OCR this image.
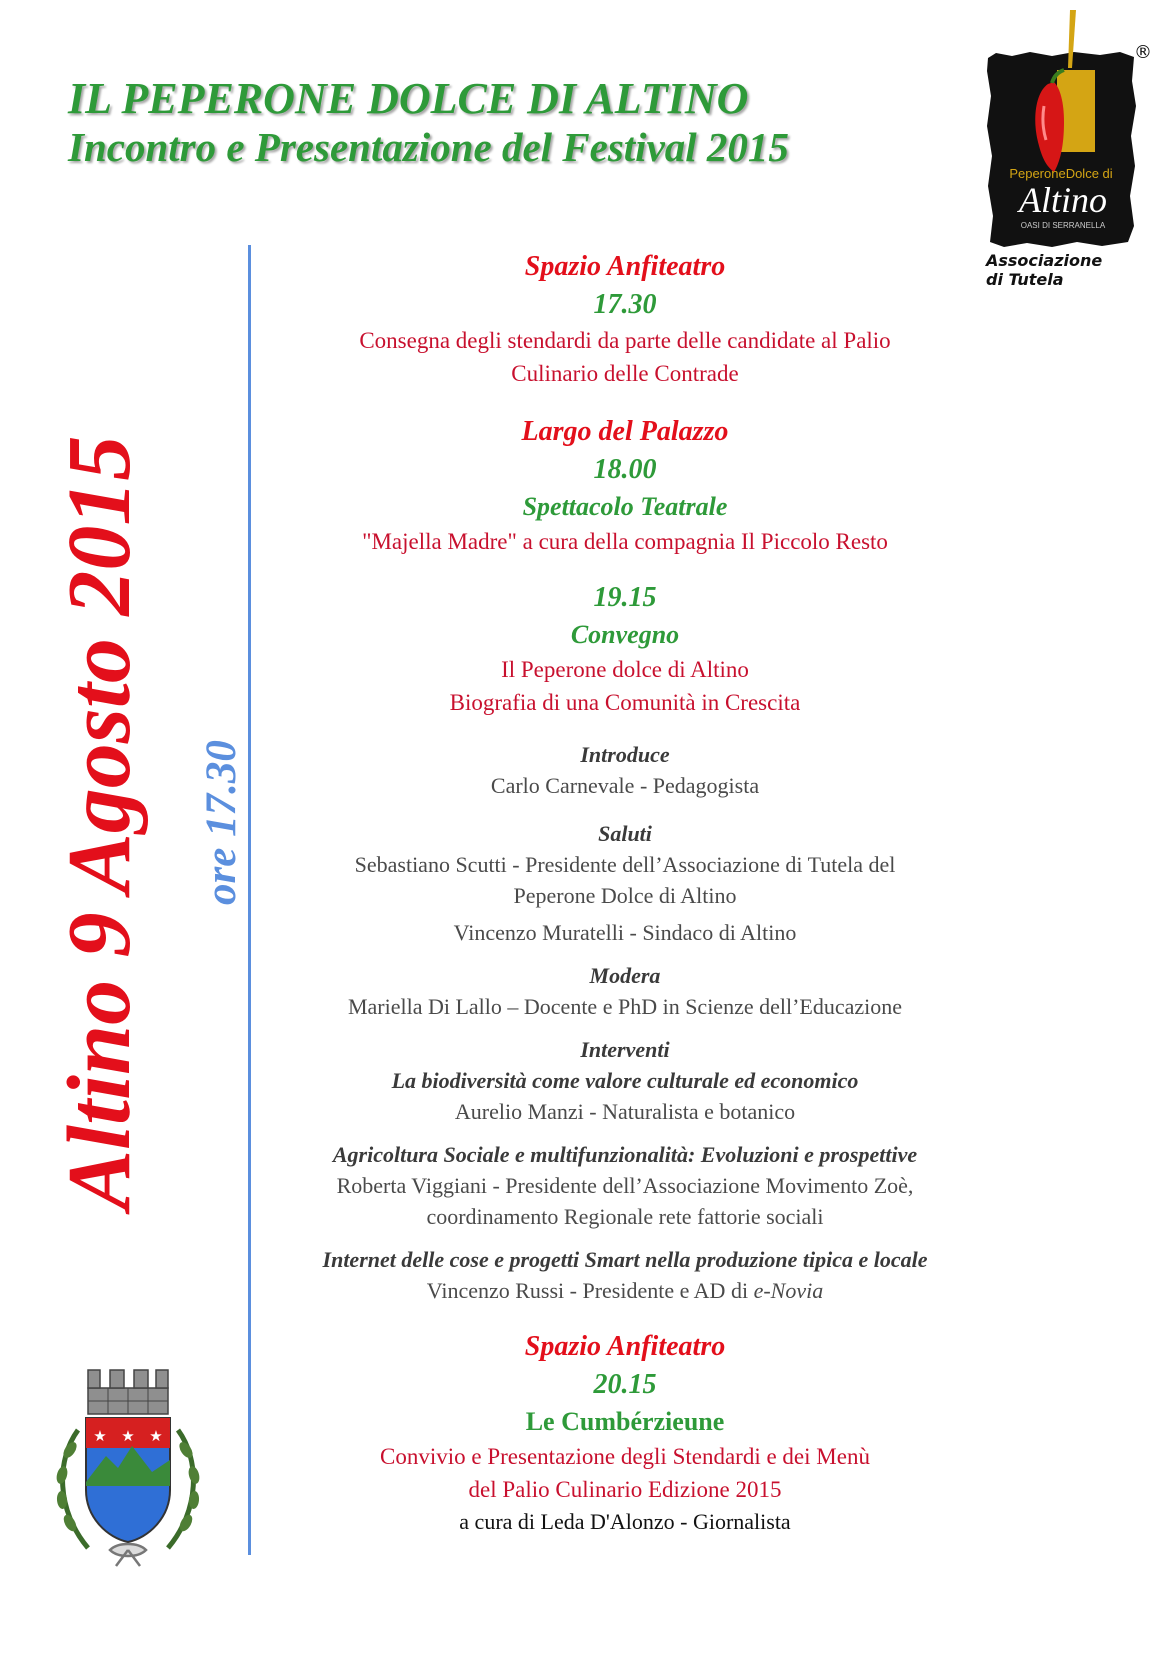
IL PEPERONE DOLCE DI ALTINO
Incontro e Presentazione del Festival 2015
®
PeperoneDolce di
Altino
OASI DI SERRANELLA
Associazione
di Tutela
Altino 9 Agosto 2015 ore 17.30
Spazio Anfiteatro
17.30
Consegna degli stendardi da parte delle candidate al Palio
Culinario delle Contrade
Largo del Palazzo
18.00
Spettacolo Teatrale
"Majella Madre" a cura della compagnia Il Piccolo Resto
19.15
Convegno
Il Peperone dolce di Altino
Biografia di una Comunità in Crescita
Introduce
Carlo Carnevale - Pedagogista
Saluti
Sebastiano Scutti - Presidente dell’Associazione di Tutela del
Peperone Dolce di Altino
Vincenzo Muratelli - Sindaco di Altino
Modera
Mariella Di Lallo – Docente e PhD in Scienze dell’Educazione
Interventi
La biodiversità come valore culturale ed economico
Aurelio Manzi - Naturalista e botanico
Agricoltura Sociale e multifunzionalità: Evoluzioni e prospettive
Roberta Viggiani - Presidente dell’Associazione Movimento Zoè,
coordinamento Regionale rete fattorie sociali
Internet delle cose e progetti Smart nella produzione tipica e locale
Vincenzo Russi - Presidente e AD di e-Novia
Spazio Anfiteatro
20.15
Le Cumbérzieune
Convivio e Presentazione degli Stendardi e dei Menù
del Palio Culinario Edizione 2015
a cura di Leda D'Alonzo - Giornalista
★ ★ ★
